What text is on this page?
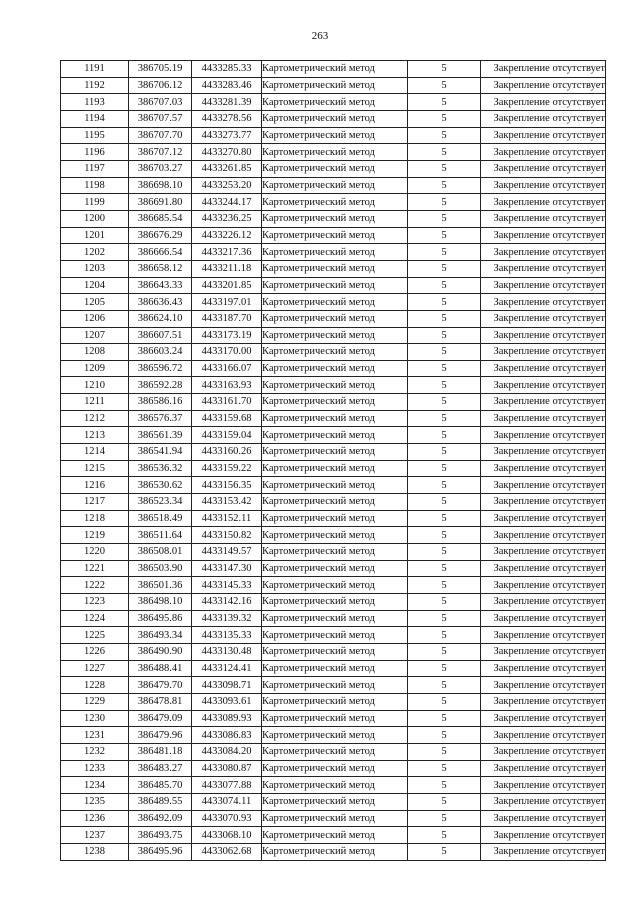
263
1191	386705.19	4433285.33	Картометрический метод	5	Закрепление отсутствует
1192	386706.12	4433283.46	Картометрический метод	5	Закрепление отсутствует
1193	386707.03	4433281.39	Картометрический метод	5	Закрепление отсутствует
1194	386707.57	4433278.56	Картометрический метод	5	Закрепление отсутствует
1195	386707.70	4433273.77	Картометрический метод	5	Закрепление отсутствует
1196	386707.12	4433270.80	Картометрический метод	5	Закрепление отсутствует
1197	386703.27	4433261.85	Картометрический метод	5	Закрепление отсутствует
1198	386698.10	4433253.20	Картометрический метод	5	Закрепление отсутствует
1199	386691.80	4433244.17	Картометрический метод	5	Закрепление отсутствует
1200	386685.54	4433236.25	Картометрический метод	5	Закрепление отсутствует
1201	386676.29	4433226.12	Картометрический метод	5	Закрепление отсутствует
1202	386666.54	4433217.36	Картометрический метод	5	Закрепление отсутствует
1203	386658.12	4433211.18	Картометрический метод	5	Закрепление отсутствует
1204	386643.33	4433201.85	Картометрический метод	5	Закрепление отсутствует
1205	386636.43	4433197.01	Картометрический метод	5	Закрепление отсутствует
1206	386624.10	4433187.70	Картометрический метод	5	Закрепление отсутствует
1207	386607.51	4433173.19	Картометрический метод	5	Закрепление отсутствует
1208	386603.24	4433170.00	Картометрический метод	5	Закрепление отсутствует
1209	386596.72	4433166.07	Картометрический метод	5	Закрепление отсутствует
1210	386592.28	4433163.93	Картометрический метод	5	Закрепление отсутствует
1211	386586.16	4433161.70	Картометрический метод	5	Закрепление отсутствует
1212	386576.37	4433159.68	Картометрический метод	5	Закрепление отсутствует
1213	386561.39	4433159.04	Картометрический метод	5	Закрепление отсутствует
1214	386541.94	4433160.26	Картометрический метод	5	Закрепление отсутствует
1215	386536.32	4433159.22	Картометрический метод	5	Закрепление отсутствует
1216	386530.62	4433156.35	Картометрический метод	5	Закрепление отсутствует
1217	386523.34	4433153.42	Картометрический метод	5	Закрепление отсутствует
1218	386518.49	4433152.11	Картометрический метод	5	Закрепление отсутствует
1219	386511.64	4433150.82	Картометрический метод	5	Закрепление отсутствует
1220	386508.01	4433149.57	Картометрический метод	5	Закрепление отсутствует
1221	386503.90	4433147.30	Картометрический метод	5	Закрепление отсутствует
1222	386501.36	4433145.33	Картометрический метод	5	Закрепление отсутствует
1223	386498.10	4433142.16	Картометрический метод	5	Закрепление отсутствует
1224	386495.86	4433139.32	Картометрический метод	5	Закрепление отсутствует
1225	386493.34	4433135.33	Картометрический метод	5	Закрепление отсутствует
1226	386490.90	4433130.48	Картометрический метод	5	Закрепление отсутствует
1227	386488.41	4433124.41	Картометрический метод	5	Закрепление отсутствует
1228	386479.70	4433098.71	Картометрический метод	5	Закрепление отсутствует
1229	386478.81	4433093.61	Картометрический метод	5	Закрепление отсутствует
1230	386479.09	4433089.93	Картометрический метод	5	Закрепление отсутствует
1231	386479.96	4433086.83	Картометрический метод	5	Закрепление отсутствует
1232	386481.18	4433084.20	Картометрический метод	5	Закрепление отсутствует
1233	386483.27	4433080.87	Картометрический метод	5	Закрепление отсутствует
1234	386485.70	4433077.88	Картометрический метод	5	Закрепление отсутствует
1235	386489.55	4433074.11	Картометрический метод	5	Закрепление отсутствует
1236	386492.09	4433070.93	Картометрический метод	5	Закрепление отсутствует
1237	386493.75	4433068.10	Картометрический метод	5	Закрепление отсутствует
1238	386495.96	4433062.68	Картометрический метод	5	Закрепление отсутствует
